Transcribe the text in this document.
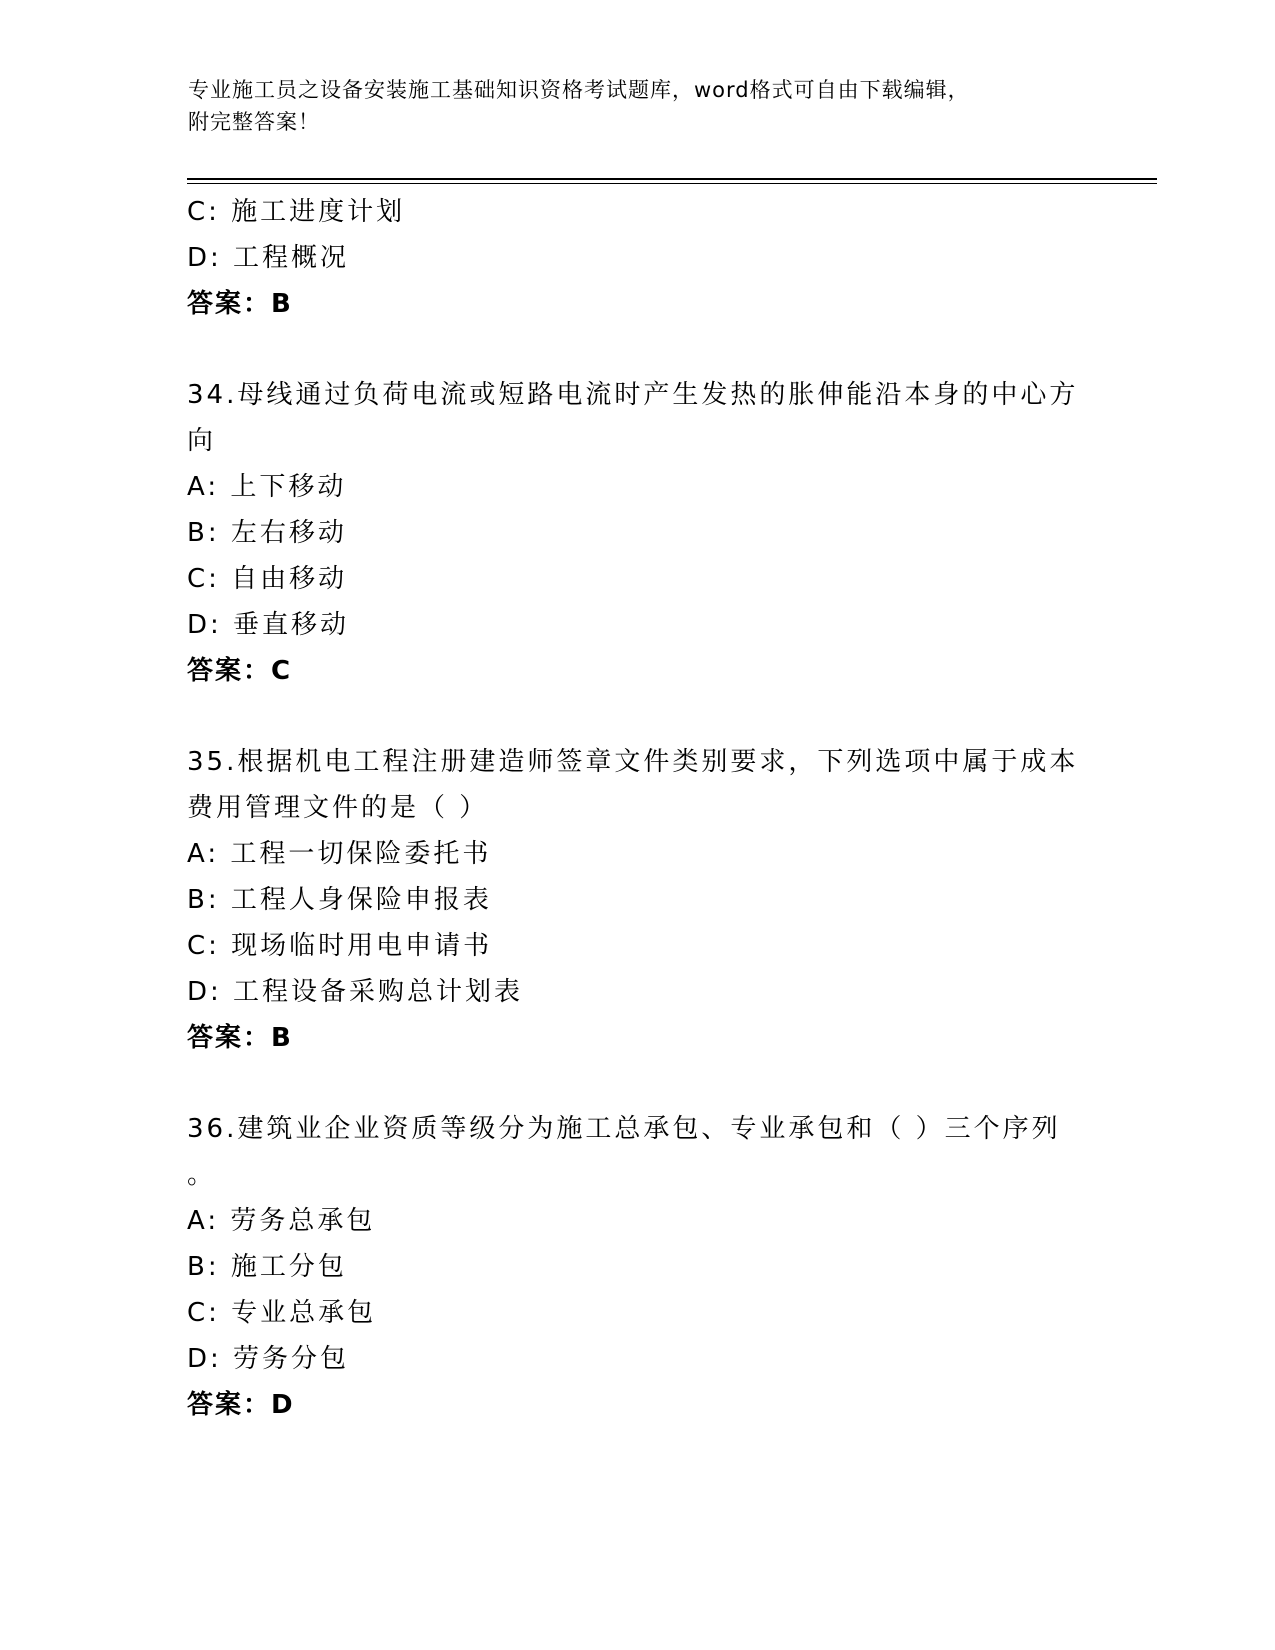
专业施工员之设备安装施工基础知识资格考试题库，word格式可自由下载编辑，
附完整答案！
C: 施工进度计划
D: 工程概况
答案：B
34.母线通过负荷电流或短路电流时产生发热的胀伸能沿本身的中心方
向
A: 上下移动
B: 左右移动
C: 自由移动
D: 垂直移动
答案：C
35.根据机电工程注册建造师签章文件类别要求，下列选项中属于成本
费用管理文件的是（ ）
A: 工程一切保险委托书
B: 工程人身保险申报表
C: 现场临时用电申请书
D: 工程设备采购总计划表
答案：B
36.建筑业企业资质等级分为施工总承包、专业承包和（ ）三个序列
。
A: 劳务总承包
B: 施工分包
C: 专业总承包
D: 劳务分包
答案：D
